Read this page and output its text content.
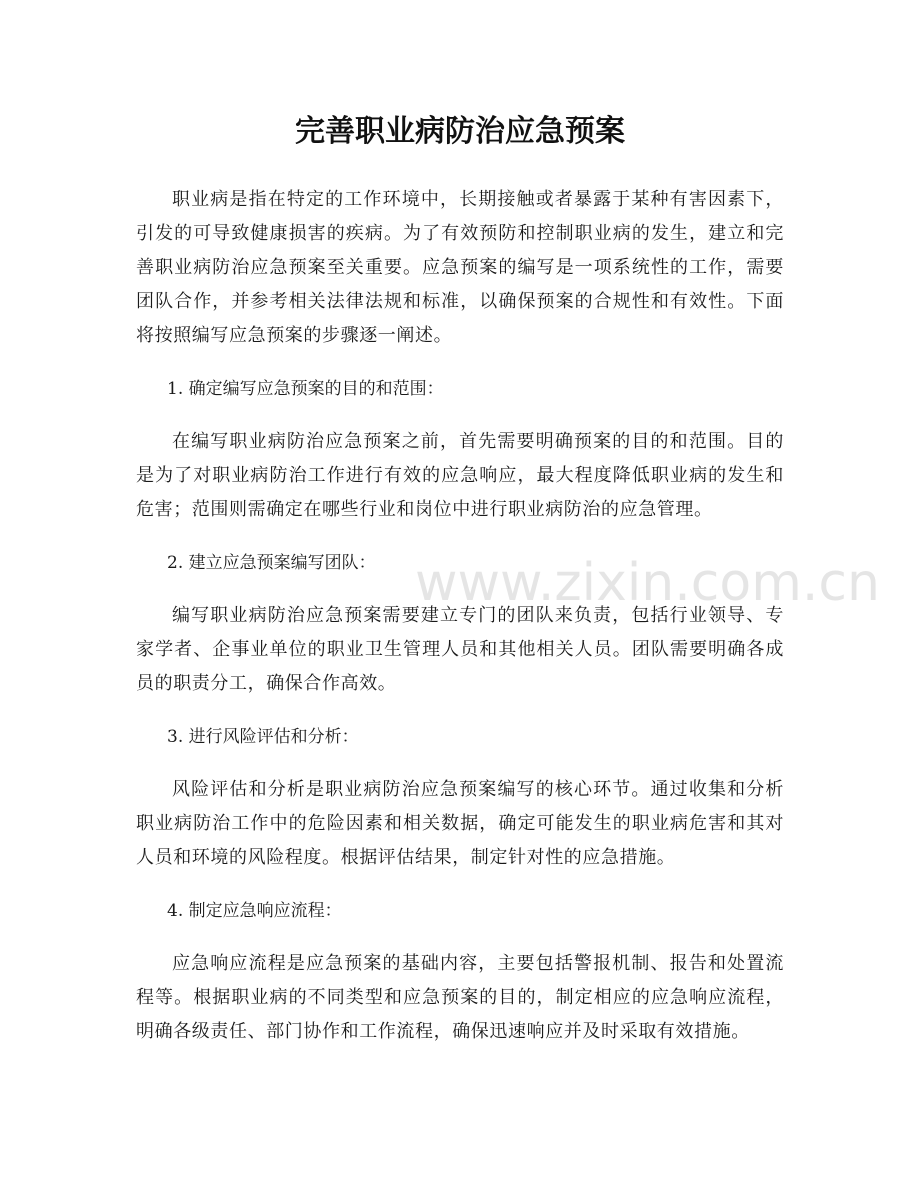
完善职业病防治应急预案
www.zixin.com.cn

职业病是指在特定的工作环境中，长期接触或者暴露于某种有害因素下，引发的可导致健康损害的疾病。为了有效预防和控制职业病的发生，建立和完善职业病防治应急预案至关重要。应急预案的编写是一项系统性的工作，需要团队合作，并参考相关法律法规和标准，以确保预案的合规性和有效性。下面将按照编写应急预案的步骤逐一阐述。

1. 确定编写应急预案的目的和范围：

在编写职业病防治应急预案之前，首先需要明确预案的目的和范围。目的是为了对职业病防治工作进行有效的应急响应，最大程度降低职业病的发生和危害；范围则需确定在哪些行业和岗位中进行职业病防治的应急管理。

2. 建立应急预案编写团队：

编写职业病防治应急预案需要建立专门的团队来负责，包括行业领导、专家学者、企事业单位的职业卫生管理人员和其他相关人员。团队需要明确各成员的职责分工，确保合作高效。

3. 进行风险评估和分析：

风险评估和分析是职业病防治应急预案编写的核心环节。通过收集和分析职业病防治工作中的危险因素和相关数据，确定可能发生的职业病危害和其对人员和环境的风险程度。根据评估结果，制定针对性的应急措施。

4. 制定应急响应流程：

应急响应流程是应急预案的基础内容，主要包括警报机制、报告和处置流程等。根据职业病的不同类型和应急预案的目的，制定相应的应急响应流程，明确各级责任、部门协作和工作流程，确保迅速响应并及时采取有效措施。
